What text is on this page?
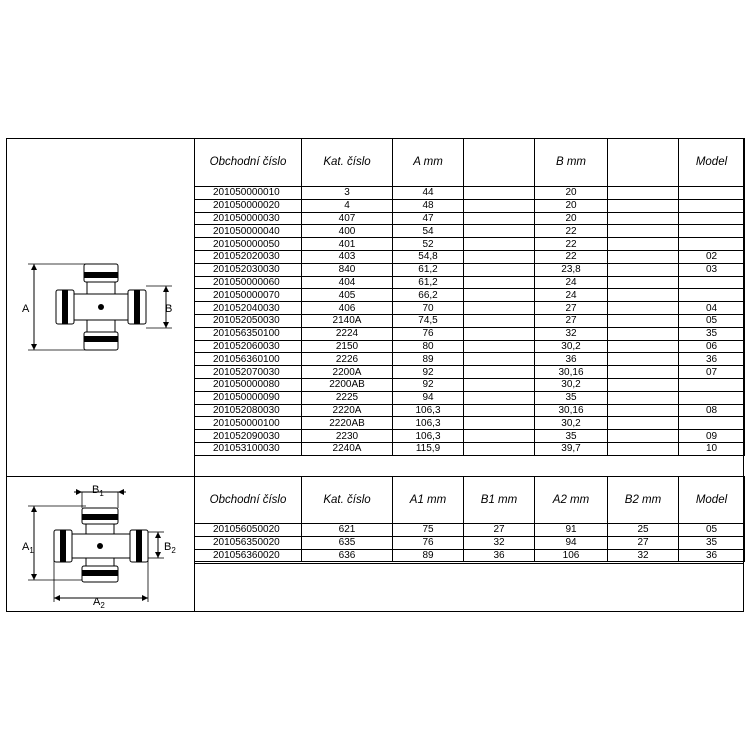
A	B
$B_1$
$A_1$	$B_2$
$A_2$
Obchodní číslo	Kat. číslo	A mm		B mm		Model
201050000010	3	44		20		
201050000020	4	48		20		
201050000030	407	47		20		
201050000040	400	54		22		
201050000050	401	52		22		
201052020030	403	54,8		22		02
201052030030	840	61,2		23,8		03
201050000060	404	61,2		24		
201050000070	405	66,2		24		
201052040030	406	70		27		04
201052050030	2140A	74,5		27		05
201056350100	2224	76		32		35
201052060030	2150	80		30,2		06
201056360100	2226	89		36		36
201052070030	2200A	92		30,16		07
201050000080	2200AB	92		30,2		
201050000090	2225	94		35		
201052080030	2220A	106,3		30,16		08
201050000100	2220AB	106,3		30,2		
201052090030	2230	106,3		35		09
201053100030	2240A	115,9		39,7		10
Obchodní číslo	Kat. číslo	A1 mm	B1 mm	A2 mm	B2 mm	Model
201056050020	621	75	27	91	25	05
201056350020	635	76	32	94	27	35
201056360020	636	89	36	106	32	36
